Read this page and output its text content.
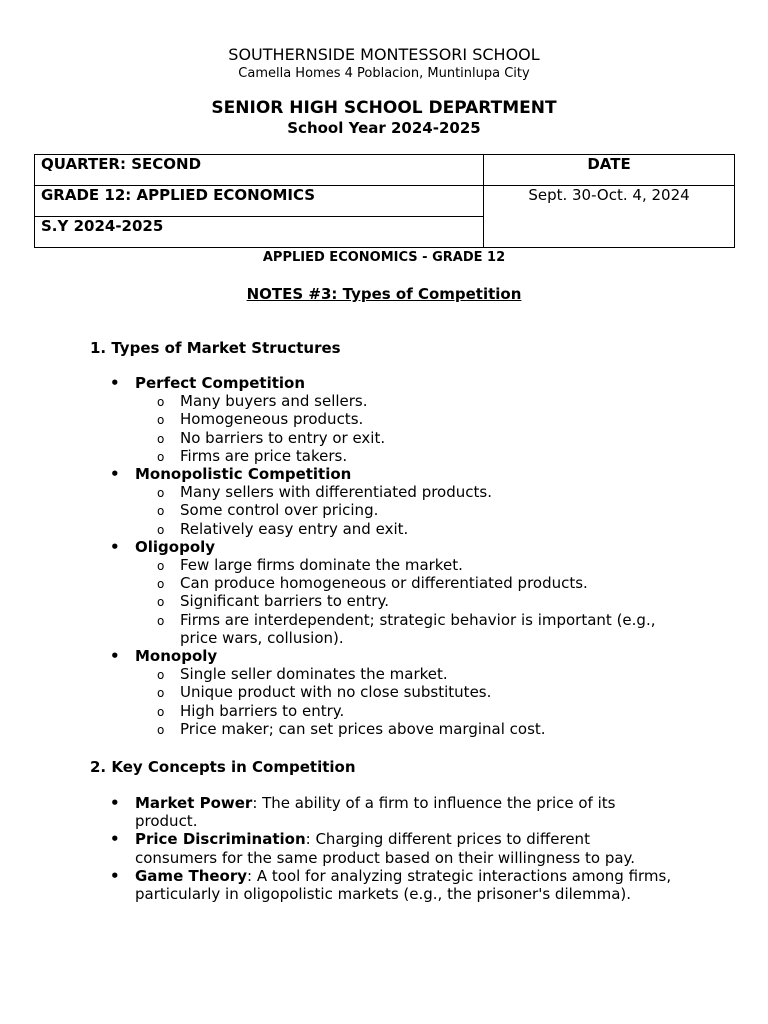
SOUTHERNSIDE MONTESSORI SCHOOL
Camella Homes 4 Poblacion, Muntinlupa City
SENIOR HIGH SCHOOL DEPARTMENT
School Year 2024-2025
QUARTER: SECOND	DATE
GRADE 12: APPLIED ECONOMICS	Sept. 30-Oct. 4, 2024
S.Y 2024-2025	
APPLIED ECONOMICS - GRADE 12
NOTES #3: Types of Competition
1. Types of Market Structures
• Perfect Competition
o Many buyers and sellers.
o Homogeneous products.
o No barriers to entry or exit.
o Firms are price takers.
• Monopolistic Competition
o Many sellers with differentiated products.
o Some control over pricing.
o Relatively easy entry and exit.
• Oligopoly
o Few large firms dominate the market.
o Can produce homogeneous or differentiated products.
o Significant barriers to entry.
o Firms are interdependent; strategic behavior is important (e.g., price wars, collusion).
• Monopoly
o Single seller dominates the market.
o Unique product with no close substitutes.
o High barriers to entry.
o Price maker; can set prices above marginal cost.
2. Key Concepts in Competition
• Market Power: The ability of a firm to influence the price of its product.
• Price Discrimination: Charging different prices to different consumers for the same product based on their willingness to pay.
• Game Theory: A tool for analyzing strategic interactions among firms, particularly in oligopolistic markets (e.g., the prisoner's dilemma).
